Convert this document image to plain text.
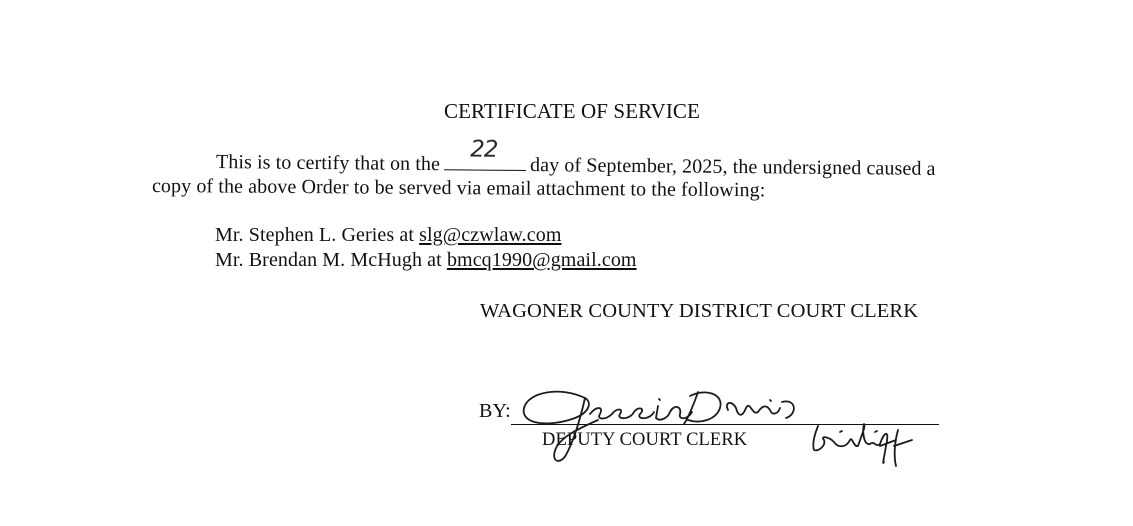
CERTIFICATE OF SERVICE
This is to certify that on the
22
day of September, 2025, the undersigned caused a
copy of the above Order to be served via email attachment to the following:
Mr. Stephen L. Geries at slg@czwlaw.com
Mr. Brendan M. McHugh at bmcq1990@gmail.com
WAGONER COUNTY DISTRICT COURT CLERK
BY:
DEPUTY COURT CLERK
